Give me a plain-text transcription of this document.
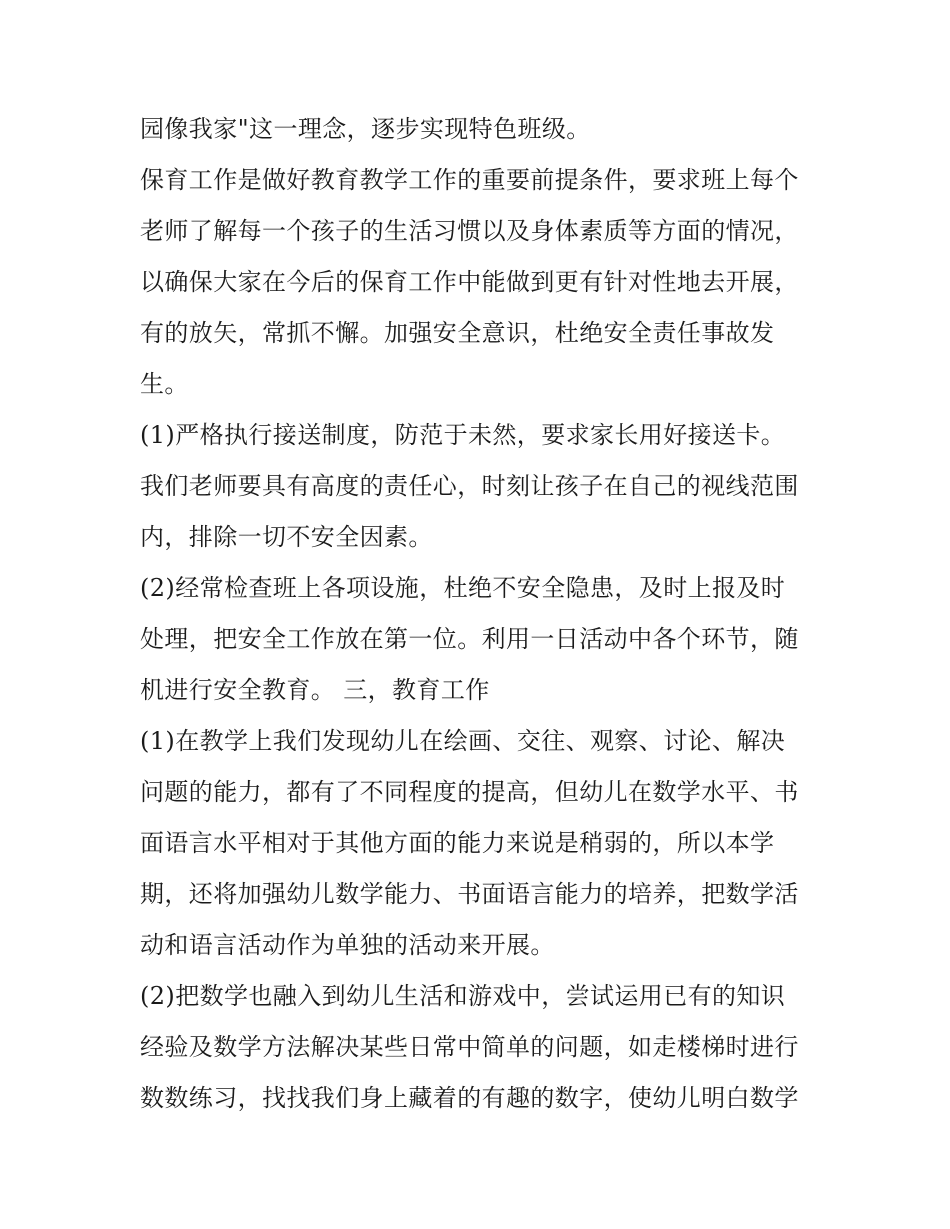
园像我家"这一理念，逐步实现特色班级。
保育工作是做好教育教学工作的重要前提条件，要求班上每个
老师了解每一个孩子的生活习惯以及身体素质等方面的情况，
以确保大家在今后的保育工作中能做到更有针对性地去开展，
有的放矢，常抓不懈。加强安全意识，杜绝安全责任事故发
生。
(1)严格执行接送制度，防范于未然，要求家长用好接送卡。
我们老师要具有高度的责任心，时刻让孩子在自己的视线范围
内，排除一切不安全因素。
(2)经常检查班上各项设施，杜绝不安全隐患，及时上报及时
处理，把安全工作放在第一位。利用一日活动中各个环节，随
机进行安全教育。 三，教育工作
(1)在教学上我们发现幼儿在绘画、交往、观察、讨论、解决
问题的能力，都有了不同程度的提高，但幼儿在数学水平、书
面语言水平相对于其他方面的能力来说是稍弱的，所以本学
期，还将加强幼儿数学能力、书面语言能力的培养，把数学活
动和语言活动作为单独的活动来开展。
(2)把数学也融入到幼儿生活和游戏中，尝试运用已有的知识
经验及数学方法解决某些日常中简单的问题，如走楼梯时进行
数数练习，找找我们身上藏着的有趣的数字，使幼儿明白数学
